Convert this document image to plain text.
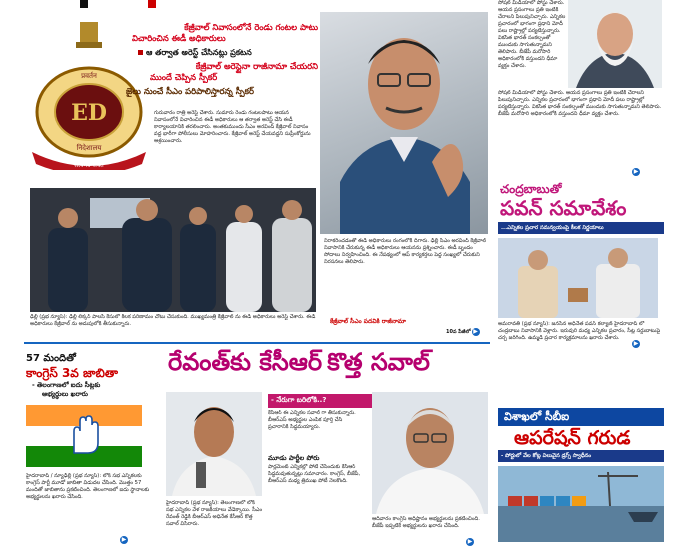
ED
प्रवर्तन
निदेशालय
सत्यमेव जयते
కేజ్రీవాల్ నివాసంలోనే రెండు గంటల పాటు
విచారించిన ఈడీ అధికారులు
ఆ తర్వాత అరెస్ట్ చేసినట్లు ప్రకటన
కేజ్రీవాల్ అరెస్టైనా రాజీనామా చేయరని
ముందే చెప్పిన స్పీకర్
జైలు నుంచే సీఎం పరిపాలిస్తారన్న స్పీకర్
గురువారం రాత్రి అరెస్ట్ చేశారు. సుమారు రెండు గంటలపాటు ఆయన నివాసంలోనే విచారించిన ఈడీ అధికారులు ఆ తర్వాత అరెస్ట్ చేసి ఈడీ కార్యాలయానికి తరలించారు. అంతకుముందు సీఎం అరవింద్ కేజ్రీవాల్ నివాసం వద్ద భారీగా పోలీసులు మోహరించారు. కేజ్రీవాల్ అరెస్ట్ చేయవద్దని సుప్రీంకోర్టును ఆశ్రయించారు.
కేజ్రీవాల్ సీఎం పదవికి రాజీనామా
నిరాకరించడంతో ఈడీ అధికారులు రంగంలోకి దిగారు. ఢిల్లీ సీఎం అరవింద్ కేజ్రీవాల్ నివాసానికి చేరుకున్న ఈడీ అధికారులు ఆయనను ప్రశ్నించారు. ఈడీ బృందం సోదాలు నిర్వహించింది. ఈ నేపథ్యంలో ఆప్ కార్యకర్తలు పెద్ద సంఖ్యలో చేరుకుని నిరసనలు తెలిపారు.
10వ పేజీలో ▶
ఢిల్లీ (ప్రభ న్యూస్): ఢిల్లీ లిక్కర్ పాలసీ కేసులో కీలక పరిణామం చోటు చేసుకుంది. ముఖ్యమంత్రి కేజ్రీవాల్ ను ఈడీ అధికారులు అరెస్ట్ చేశారు. ఈడీ అధికారులు కేజ్రీవాల్ ను అదుపులోకి తీసుకున్నారు.
సోషల్ మీడియాలో పోస్టు చేశారు. ఆయన ప్రసంగాలు ప్రతి ఇంటికి చేరాలని పిలుపునిచ్చారు. ఎన్నికల ప్రచారంలో భాగంగా ప్రధాని మోదీ పలు రాష్ట్రాల్లో పర్యటిస్తున్నారు. వికసిత భారత్ సంకల్పంతో ముందుకు సాగుతున్నామని తెలిపారు. బీజేపీ మరోసారి అధికారంలోకి వస్తుందని ధీమా వ్యక్తం చేశారు.
సోషల్ మీడియాలో పోస్టు చేశారు. ఆయన ప్రసంగాలు ప్రతి ఇంటికి చేరాలని పిలుపునిచ్చారు. ఎన్నికల ప్రచారంలో భాగంగా ప్రధాని మోదీ పలు రాష్ట్రాల్లో పర్యటిస్తున్నారు. వికసిత భారత్ సంకల్పంతో ముందుకు సాగుతున్నామని తెలిపారు. బీజేపీ మరోసారి అధికారంలోకి వస్తుందని ధీమా వ్యక్తం చేశారు.
▶
చంద్రబాబుతో
పవన్ సమావేశం
...ఎన్నికల ప్రచార సమన్వయంపై కీలక నిర్ణయాలు
అమరావతి (ప్రభ న్యూస్): జనసేన అధినేత పవన్ కల్యాణ్ హైదరాబాద్ లో చంద్రబాబు నివాసానికి వెళ్లారు. ఇరువురి మధ్య ఎన్నికల ప్రచారం, సీట్ల సర్దుబాటుపై చర్చ జరిగింది. ఉమ్మడి ప్రచార కార్యక్రమాలను ఖరారు చేశారు.
▶
57 మందితో
కాంగ్రెస్ 3వ జాబితా
- తెలంగాణలో ఐదు సీట్లకు
అభ్యర్థులు ఖరారు
హైదరాబాద్ / న్యూఢిల్లీ (ప్రభ న్యూస్): లోక్ సభ ఎన్నికలకు కాంగ్రెస్ పార్టీ మూడో జాబితా విడుదల చేసింది. మొత్తం 57 మందితో జాబితాను ప్రకటించింది. తెలంగాణలో ఐదు స్థానాలకు అభ్యర్థులను ఖరారు చేసింది.
▶
రేవంత్‌కు కేసీఆర్ కొత్త సవాల్
- నేరుగా బరిలోకి..?
కేసీఆర్ ఈ ఎన్నికల సవాల్ గా తీసుకున్నారు. బీఆర్ఎస్ అభ్యర్థుల ఎంపిక పూర్తి చేసి ప్రచారానికి సిద్ధమయ్యారు.
మూడు పార్టీల పోరు
పార్లమెంట్ ఎన్నికల్లో పోటీ చేసేందుకు కేసీఆర్ సిద్ధమవుతున్నట్లు సమాచారం. కాంగ్రెస్, బీజేపీ, బీఆర్ఎస్ మధ్య త్రిముఖ పోటీ నెలకొంది.
హైదరాబాద్ (ప్రభ న్యూస్): తెలంగాణలో లోక్ సభ ఎన్నికల వేళ రాజకీయాలు వేడెక్కాయి. సీఎం రేవంత్ రెడ్డికి బీఆర్ఎస్ అధినేత కేసీఆర్ కొత్త సవాల్ విసిరారు.
ఆదివారం కాంగ్రెస్ అధిష్టానం అభ్యర్థులను ప్రకటించింది. బీజేపీ ఇప్పటికే అభ్యర్థులను ఖరారు చేసింది.
▶
విశాఖలో సీబీఐ
ఆపరేషన్ గరుడ
- పోర్టులో వేల కోట్ల విలువైన డ్రగ్స్ స్వాధీనం
